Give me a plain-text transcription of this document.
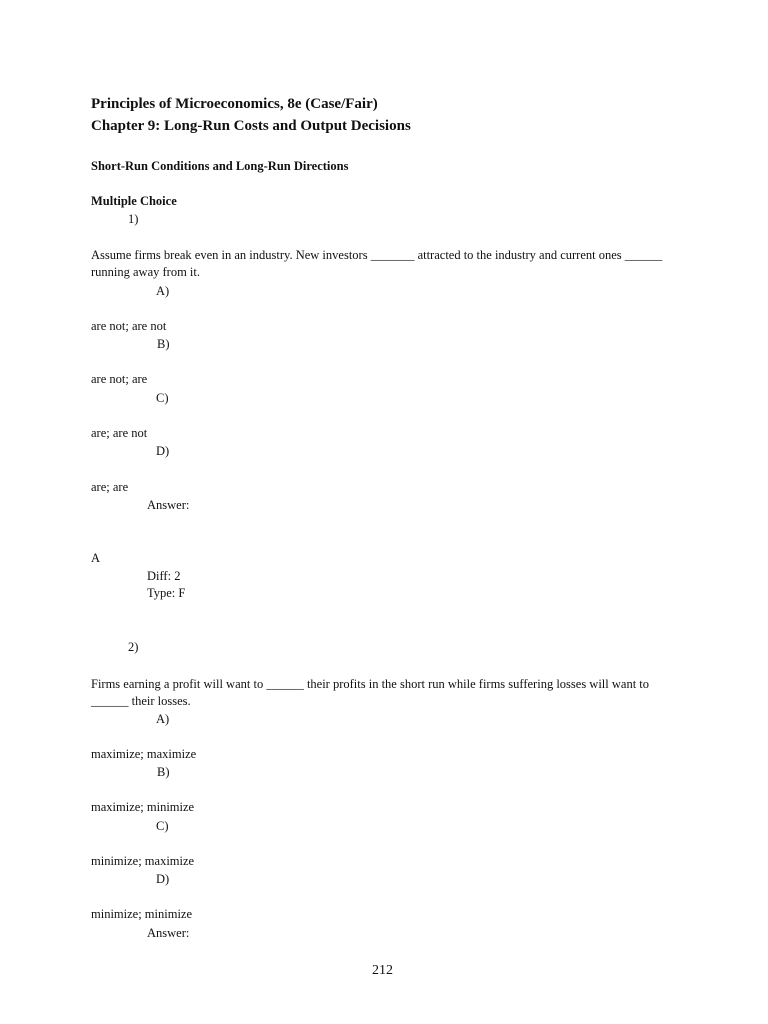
Principles of Microeconomics, 8e (Case/Fair)
Chapter 9: Long-Run Costs and Output Decisions
Short-Run Conditions and Long-Run Directions
Multiple Choice
1)
Assume firms break even in an industry. New investors _______ attracted to the industry and current ones ______ running away from it.
A)
are not; are not
B)
are not; are
C)
are; are not
D)
are; are
Answer:
A
Diff: 2
Type: F
2)
Firms earning a profit will want to ______ their profits in the short run while firms suffering losses will want to ______ their losses.
A)
maximize; maximize
B)
maximize; minimize
C)
minimize; maximize
D)
minimize; minimize
Answer:
212
